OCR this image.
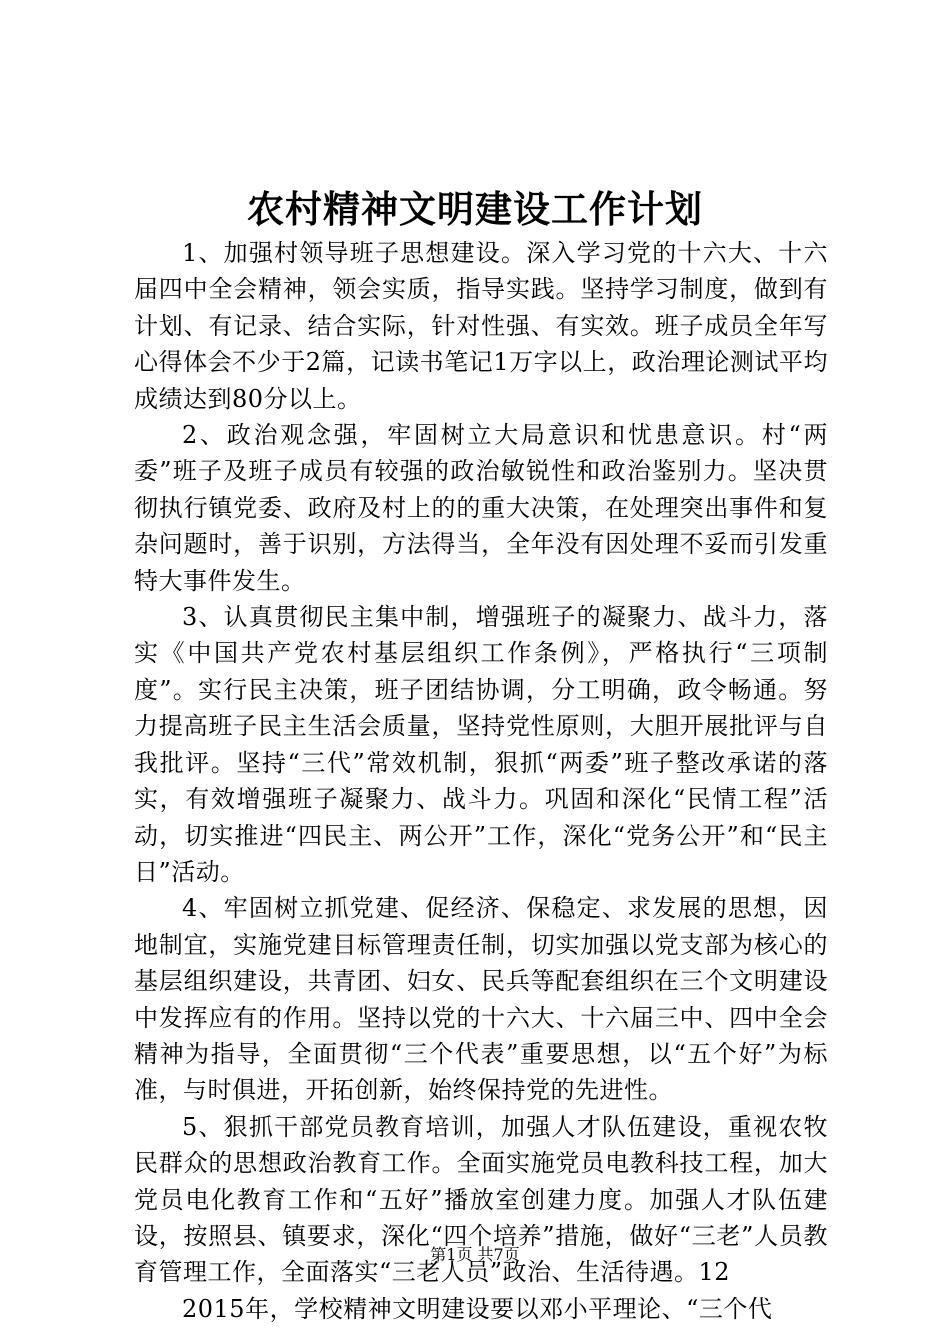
农村精神文明建设工作计划

1、加强村领导班子思想建设。深入学习党的十六大、十六届四中全会精神，领会实质，指导实践。坚持学习制度，做到有计划、有记录、结合实际，针对性强、有实效。班子成员全年写心得体会不少于2篇，记读书笔记1万字以上，政治理论测试平均成绩达到80分以上。

2、政治观念强，牢固树立大局意识和忧患意识。村“两委”班子及班子成员有较强的政治敏锐性和政治鉴别力。坚决贯彻执行镇党委、政府及村上的的重大决策，在处理突出事件和复杂问题时，善于识别，方法得当，全年没有因处理不妥而引发重特大事件发生。

3、认真贯彻民主集中制，增强班子的凝聚力、战斗力，落实《中国共产党农村基层组织工作条例》，严格执行“三项制度”。实行民主决策，班子团结协调，分工明确，政令畅通。努力提高班子民主生活会质量，坚持党性原则，大胆开展批评与自我批评。坚持“三代”常效机制，狠抓“两委”班子整改承诺的落实，有效增强班子凝聚力、战斗力。巩固和深化“民情工程”活动，切实推进“四民主、两公开”工作，深化“党务公开”和“民主日”活动。

4、牢固树立抓党建、促经济、保稳定、求发展的思想，因地制宜，实施党建目标管理责任制，切实加强以党支部为核心的基层组织建设，共青团、妇女、民兵等配套组织在三个文明建设中发挥应有的作用。坚持以党的十六大、十六届三中、四中全会精神为指导，全面贯彻“三个代表”重要思想，以“五个好”为标准，与时俱进，开拓创新，始终保持党的先进性。

5、狠抓干部党员教育培训，加强人才队伍建设，重视农牧民群众的思想政治教育工作。全面实施党员电教科技工程，加大党员电化教育工作和“五好”播放室创建力度。加强人才队伍建设，按照县、镇要求，深化“四个培养”措施，做好“三老”人员教育管理工作，全面落实“三老人员”政治、生活待遇。12

2015年，学校精神文明建设要以邓小平理论、“三个代

第1页 共7页
